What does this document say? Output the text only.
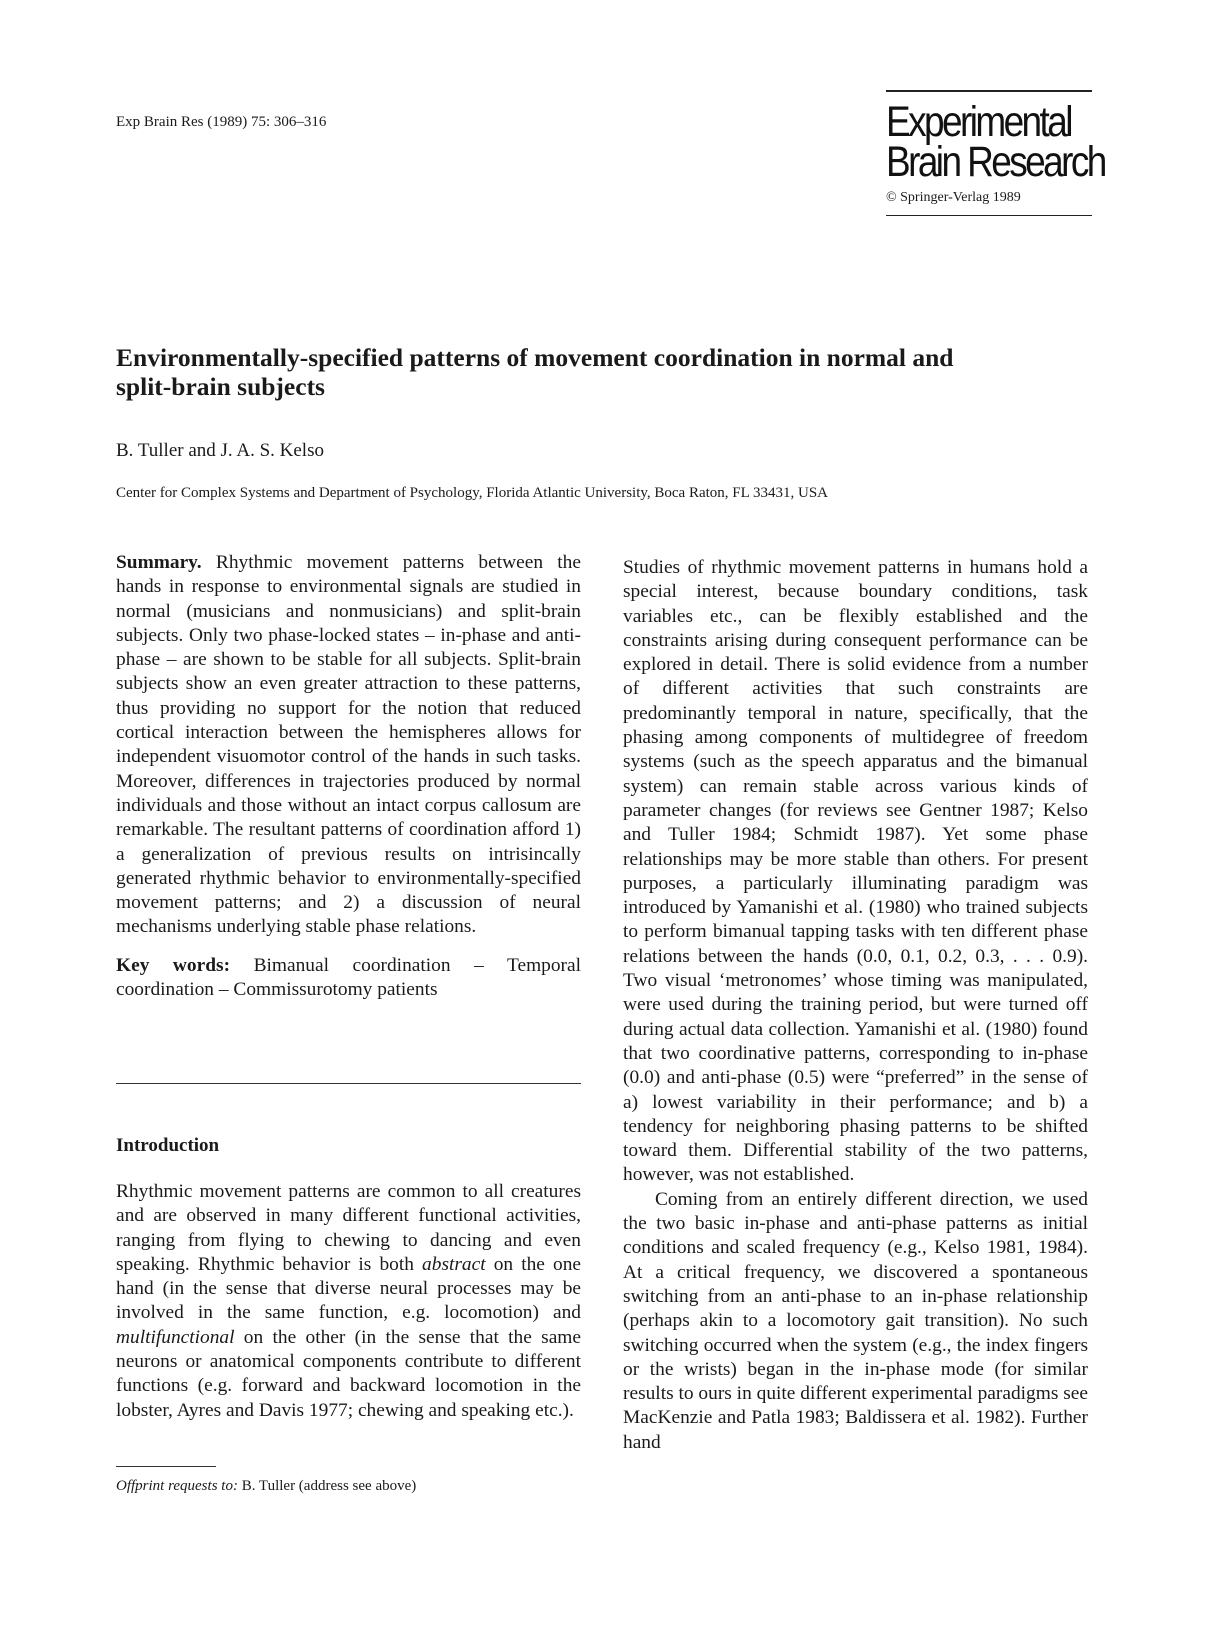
Exp Brain Res (1989) 75: 306–316	Experimental
Brain Research
© Springer-Verlag 1989
Environmentally-specified patterns of movement coordination in normal and split-brain subjects
B. Tuller and J. A. S. Kelso
Center for Complex Systems and Department of Psychology, Florida Atlantic University, Boca Raton, FL 33431, USA

Summary. Rhythmic movement patterns between the hands in response to environmental signals are studied in normal (musicians and nonmusicians) and split-brain subjects. Only two phase-locked states – in-phase and anti-phase – are shown to be stable for all subjects. Split-brain subjects show an even greater attraction to these patterns, thus providing no support for the notion that reduced cortical interaction between the hemispheres allows for independent visuomotor control of the hands in such tasks. Moreover, differences in trajectories produced by normal individuals and those without an intact corpus callosum are remarkable. The resultant patterns of coordination afford 1) a generalization of previous results on intrisincally generated rhythmic behavior to environmentally-specified movement patterns; and 2) a discussion of neural mechanisms underlying stable phase relations.

Key words: Bimanual coordination – Temporal coordination – Commissurotomy patients

Introduction

Rhythmic movement patterns are common to all creatures and are observed in many different functional activities, ranging from flying to chewing to dancing and even speaking. Rhythmic behavior is both abstract on the one hand (in the sense that diverse neural processes may be involved in the same function, e.g. locomotion) and multifunctional on the other (in the sense that the same neurons or anatomical components contribute to different functions (e.g. forward and backward locomotion in the lobster, Ayres and Davis 1977; chewing and speaking etc.).

Offprint requests to: B. Tuller (address see above)

Studies of rhythmic movement patterns in humans hold a special interest, because boundary conditions, task variables etc., can be flexibly established and the constraints arising during consequent performance can be explored in detail. There is solid evidence from a number of different activities that such constraints are predominantly temporal in nature, specifically, that the phasing among components of multidegree of freedom systems (such as the speech apparatus and the bimanual system) can remain stable across various kinds of parameter changes (for reviews see Gentner 1987; Kelso and Tuller 1984; Schmidt 1987). Yet some phase relationships may be more stable than others. For present purposes, a particularly illuminating paradigm was introduced by Yamanishi et al. (1980) who trained subjects to perform bimanual tapping tasks with ten different phase relations between the hands (0.0, 0.1, 0.2, 0.3, . . . 0.9). Two visual ‘metronomes’ whose timing was manipulated, were used during the training period, but were turned off during actual data collection. Yamanishi et al. (1980) found that two coordinative patterns, corresponding to in-phase (0.0) and anti-phase (0.5) were “preferred” in the sense of a) lowest variability in their performance; and b) a tendency for neighboring phasing patterns to be shifted toward them. Differential stability of the two patterns, however, was not established.

Coming from an entirely different direction, we used the two basic in-phase and anti-phase patterns as initial conditions and scaled frequency (e.g., Kelso 1981, 1984). At a critical frequency, we discovered a spontaneous switching from an anti-phase to an in-phase relationship (perhaps akin to a locomotory gait transition). No such switching occurred when the system (e.g., the index fingers or the wrists) began in the in-phase mode (for similar results to ours in quite different experimental paradigms see MacKenzie and Patla 1983; Baldissera et al. 1982). Further hand
